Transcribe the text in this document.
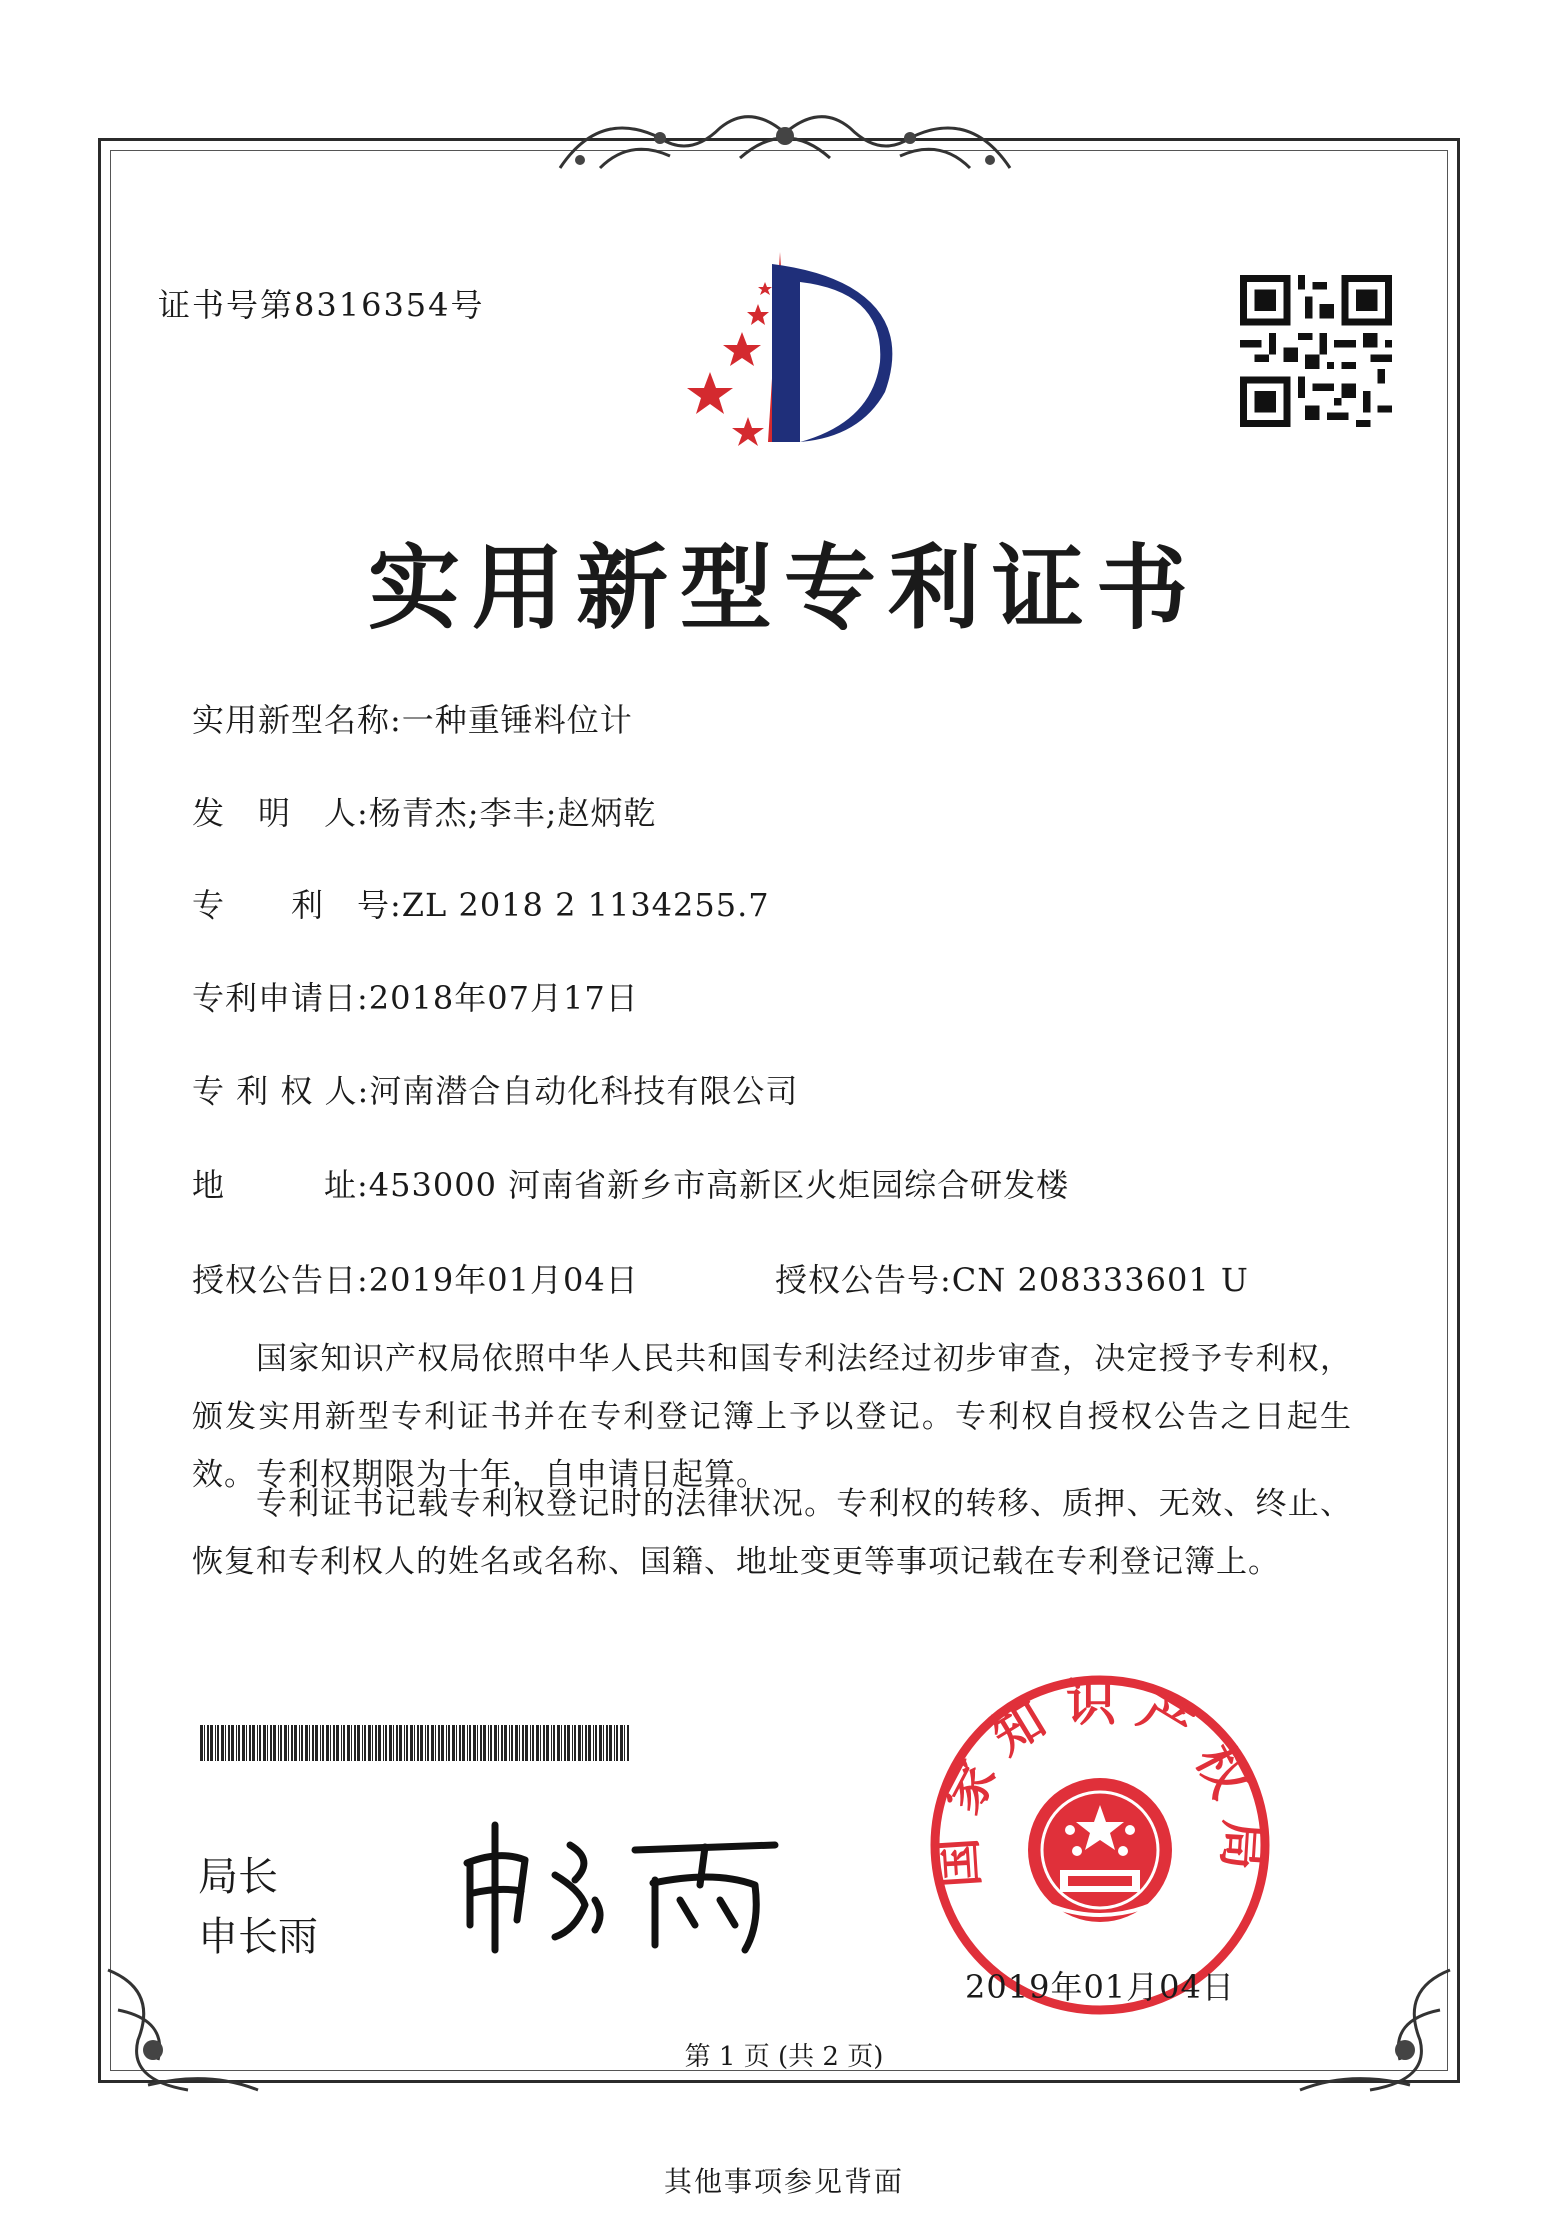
证书号第8316354号
实用新型专利证书
实用新型名称:一种重锤料位计
发　明　人:杨青杰;李丰;赵炳乾
专　　利　号:ZL 2018 2 1134255.7
专利申请日:2018年07月17日
专 利 权 人:河南潜合自动化科技有限公司
地　　　址:453000 河南省新乡市高新区火炬园综合研发楼
授权公告日:2019年01月04日	授权公告号:CN 208333601 U
国家知识产权局依照中华人民共和国专利法经过初步审查，决定授予专利权，颁发实用新型专利证书并在专利登记簿上予以登记。专利权自授权公告之日起生效。专利权期限为十年，自申请日起算。
专利证书记载专利权登记时的法律状况。专利权的转移、质押、无效、终止、恢复和专利权人的姓名或名称、国籍、地址变更等事项记载在专利登记簿上。
局长
申长雨
国家知识产权局
2019年01月04日
第 1 页 (共 2 页)
其他事项参见背面
